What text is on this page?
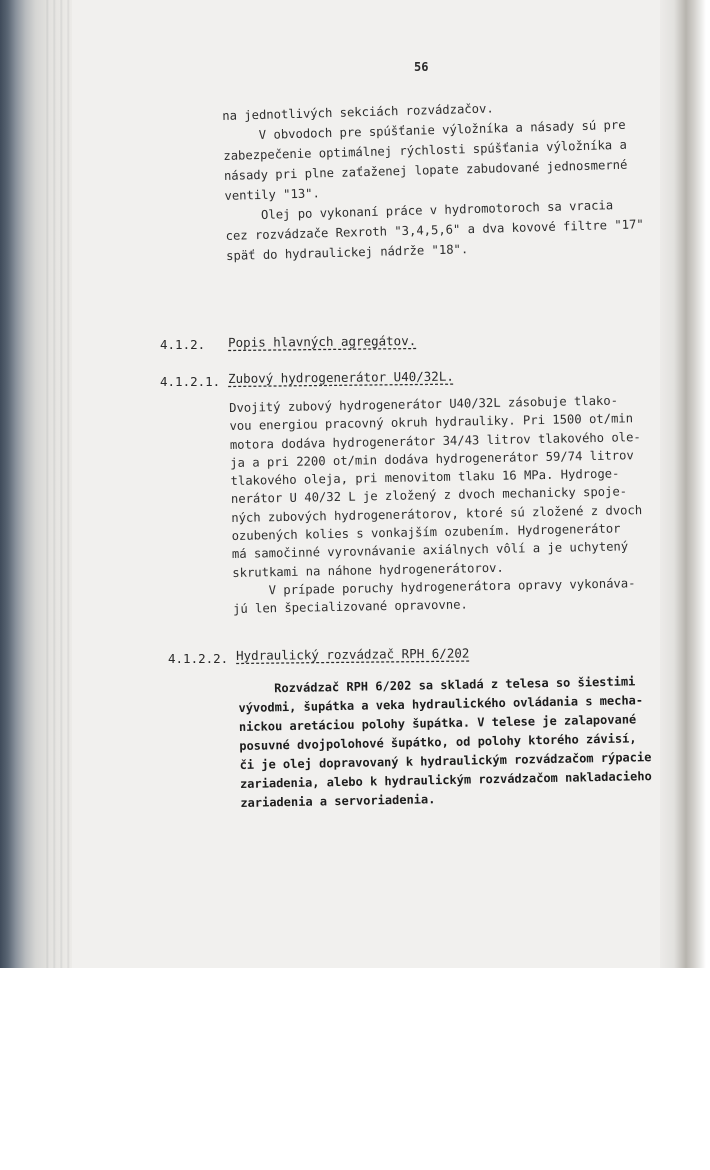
56
na jednotlivých sekciách rozvádzačov.
V obvodoch pre spúšťanie výložníka a násady sú pre
zabezpečenie optimálnej rýchlosti spúšťania výložníka a
násady pri plne zaťaženej lopate zabudované jednosmerné
ventily "13".
Olej po vykonaní práce v hydromotoroch sa vracia
cez rozvádzače Rexroth "3,4,5,6" a dva kovové filtre "17"
späť do hydraulickej nádrže "18".
4.1.2. Popis hlavných agregátov.
4.1.2.1. Zubový hydrogenerátor U40/32L.
Dvojitý zubový hydrogenerátor U40/32L zásobuje tlako-
vou energiou pracovný okruh hydrauliky. Pri 1500 ot/min
motora dodáva hydrogenerátor 34/43 litrov tlakového ole-
ja a pri 2200 ot/min dodáva hydrogenerátor 59/74 litrov
tlakového oleja, pri menovitom tlaku 16 MPa. Hydroge-
nerátor U 40/32 L je zložený z dvoch mechanicky spoje-
ných zubových hydrogenerátorov, ktoré sú zložené z dvoch
ozubených kolies s vonkajším ozubením. Hydrogenerátor
má samočinné vyrovnávanie axiálnych vôlí a je uchytený
skrutkami na náhone hydrogenerátorov.
V prípade poruchy hydrogenerátora opravy vykonáva-
jú len špecializované opravovne.
4.1.2.2. Hydraulický rozvádzač RPH 6/202
Rozvádzač RPH 6/202 sa skladá z telesa so šiestimi
vývodmi, šupátka a veka hydraulického ovládania s mecha-
nickou aretáciou polohy šupátka. V telese je zalapované
posuvné dvojpolohové šupátko, od polohy ktorého závisí,
či je olej dopravovaný k hydraulickým rozvádzačom rýpacie
zariadenia, alebo k hydraulickým rozvádzačom nakladacieho
zariadenia a servoriadenia.
